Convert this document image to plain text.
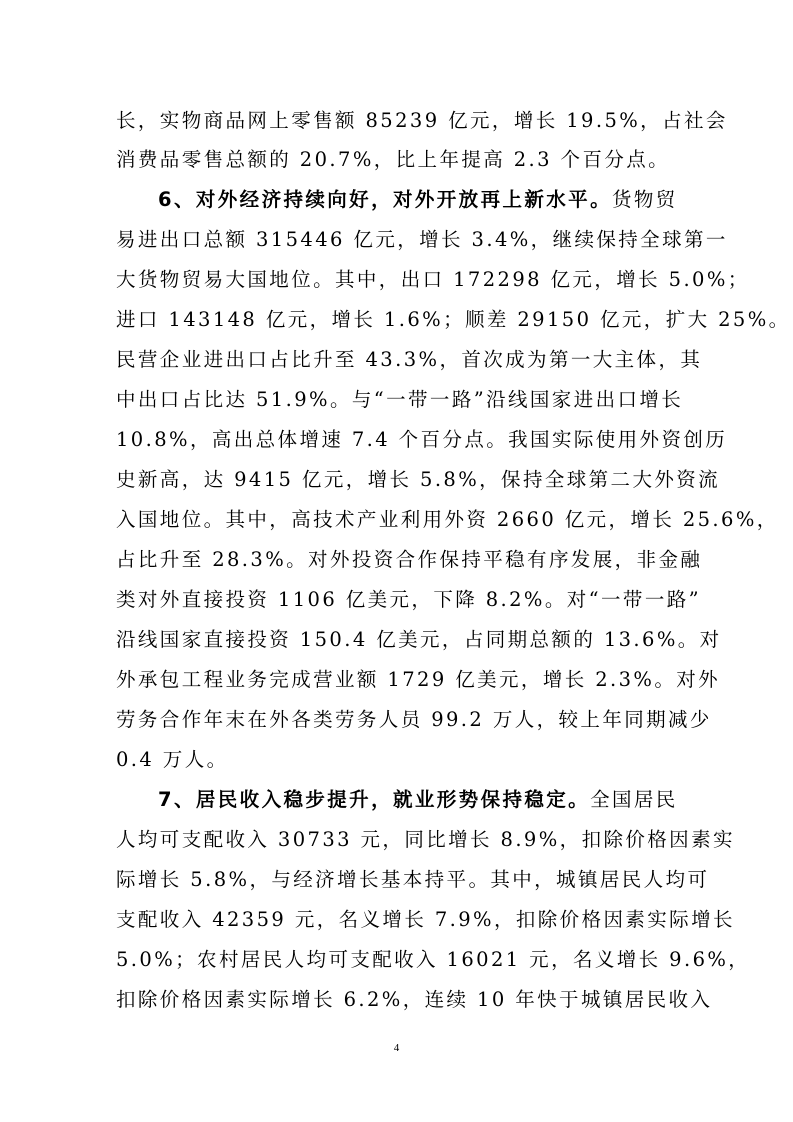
长，实物商品网上零售额 85239 亿元，增长 19.5%，占社会
消费品零售总额的 20.7%，比上年提高 2.3 个百分点。
6、对外经济持续向好，对外开放再上新水平。货物贸
易进出口总额 315446 亿元，增长 3.4%，继续保持全球第一
大货物贸易大国地位。其中，出口 172298 亿元，增长 5.0%；
进口 143148 亿元，增长 1.6%；顺差 29150 亿元，扩大 25%。
民营企业进出口占比升至 43.3%，首次成为第一大主体，其
中出口占比达 51.9%。与“一带一路”沿线国家进出口增长
10.8%，高出总体增速 7.4 个百分点。我国实际使用外资创历
史新高，达 9415 亿元，增长 5.8%，保持全球第二大外资流
入国地位。其中，高技术产业利用外资 2660 亿元，增长 25.6%，
占比升至 28.3%。对外投资合作保持平稳有序发展，非金融
类对外直接投资 1106 亿美元，下降 8.2%。对“一带一路”
沿线国家直接投资 150.4 亿美元，占同期总额的 13.6%。对
外承包工程业务完成营业额 1729 亿美元，增长 2.3%。对外
劳务合作年末在外各类劳务人员 99.2 万人，较上年同期减少
0.4 万人。
7、居民收入稳步提升，就业形势保持稳定。全国居民
人均可支配收入 30733 元，同比增长 8.9%，扣除价格因素实
际增长 5.8%，与经济增长基本持平。其中，城镇居民人均可
支配收入 42359 元，名义增长 7.9%，扣除价格因素实际增长
5.0%；农村居民人均可支配收入 16021 元，名义增长 9.6%，
扣除价格因素实际增长 6.2%，连续 10 年快于城镇居民收入
4
